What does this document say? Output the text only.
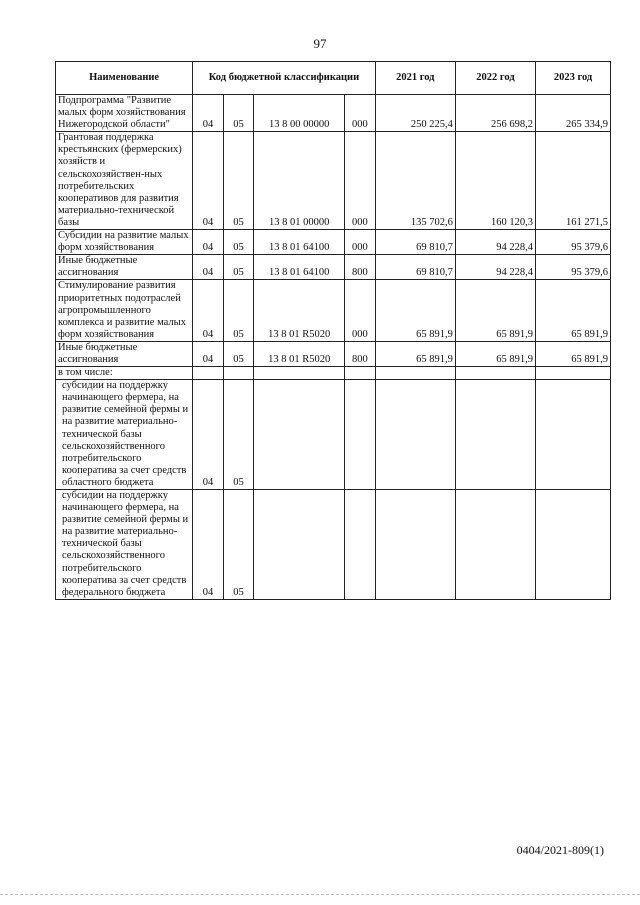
97
Наименование	Код бюджетной классификации				2021 год	2022 год	2023 год
Подпрограмма "Развитие малых форм хозяйствования Нижегородской области"	04	05	13 8 00 00000	000	250 225,4	256 698,2	265 334,9
Грантовая поддержка крестьянских (фермерских) хозяйств и сельскохозяйствен-ных потребительских кооперативов для развития материально-технической базы	04	05	13 8 01 00000	000	135 702,6	160 120,3	161 271,5
Субсидии на развитие малых форм хозяйствования	04	05	13 8 01 64100	000	69 810,7	94 228,4	95 379,6
Иные бюджетные ассигнования	04	05	13 8 01 64100	800	69 810,7	94 228,4	95 379,6
Стимулирование развития приоритетных подотраслей агропромышленного комплекса и развитие малых форм хозяйствования	04	05	13 8 01 R5020	000	65 891,9	65 891,9	65 891,9
Иные бюджетные ассигнования	04	05	13 8 01 R5020	800	65 891,9	65 891,9	65 891,9
в том числе:							
субсидии на поддержку начинающего фермера, на развитие семейной фермы и на развитие материально-технической базы сельскохозяйственного потребительского кооператива за счет средств областного бюджета	04	05					
субсидии на поддержку начинающего фермера, на развитие семейной фермы и на развитие материально-технической базы сельскохозяйственного потребительского кооператива за счет средств федерального бюджета	04	05					
0404/2021-809(1)
